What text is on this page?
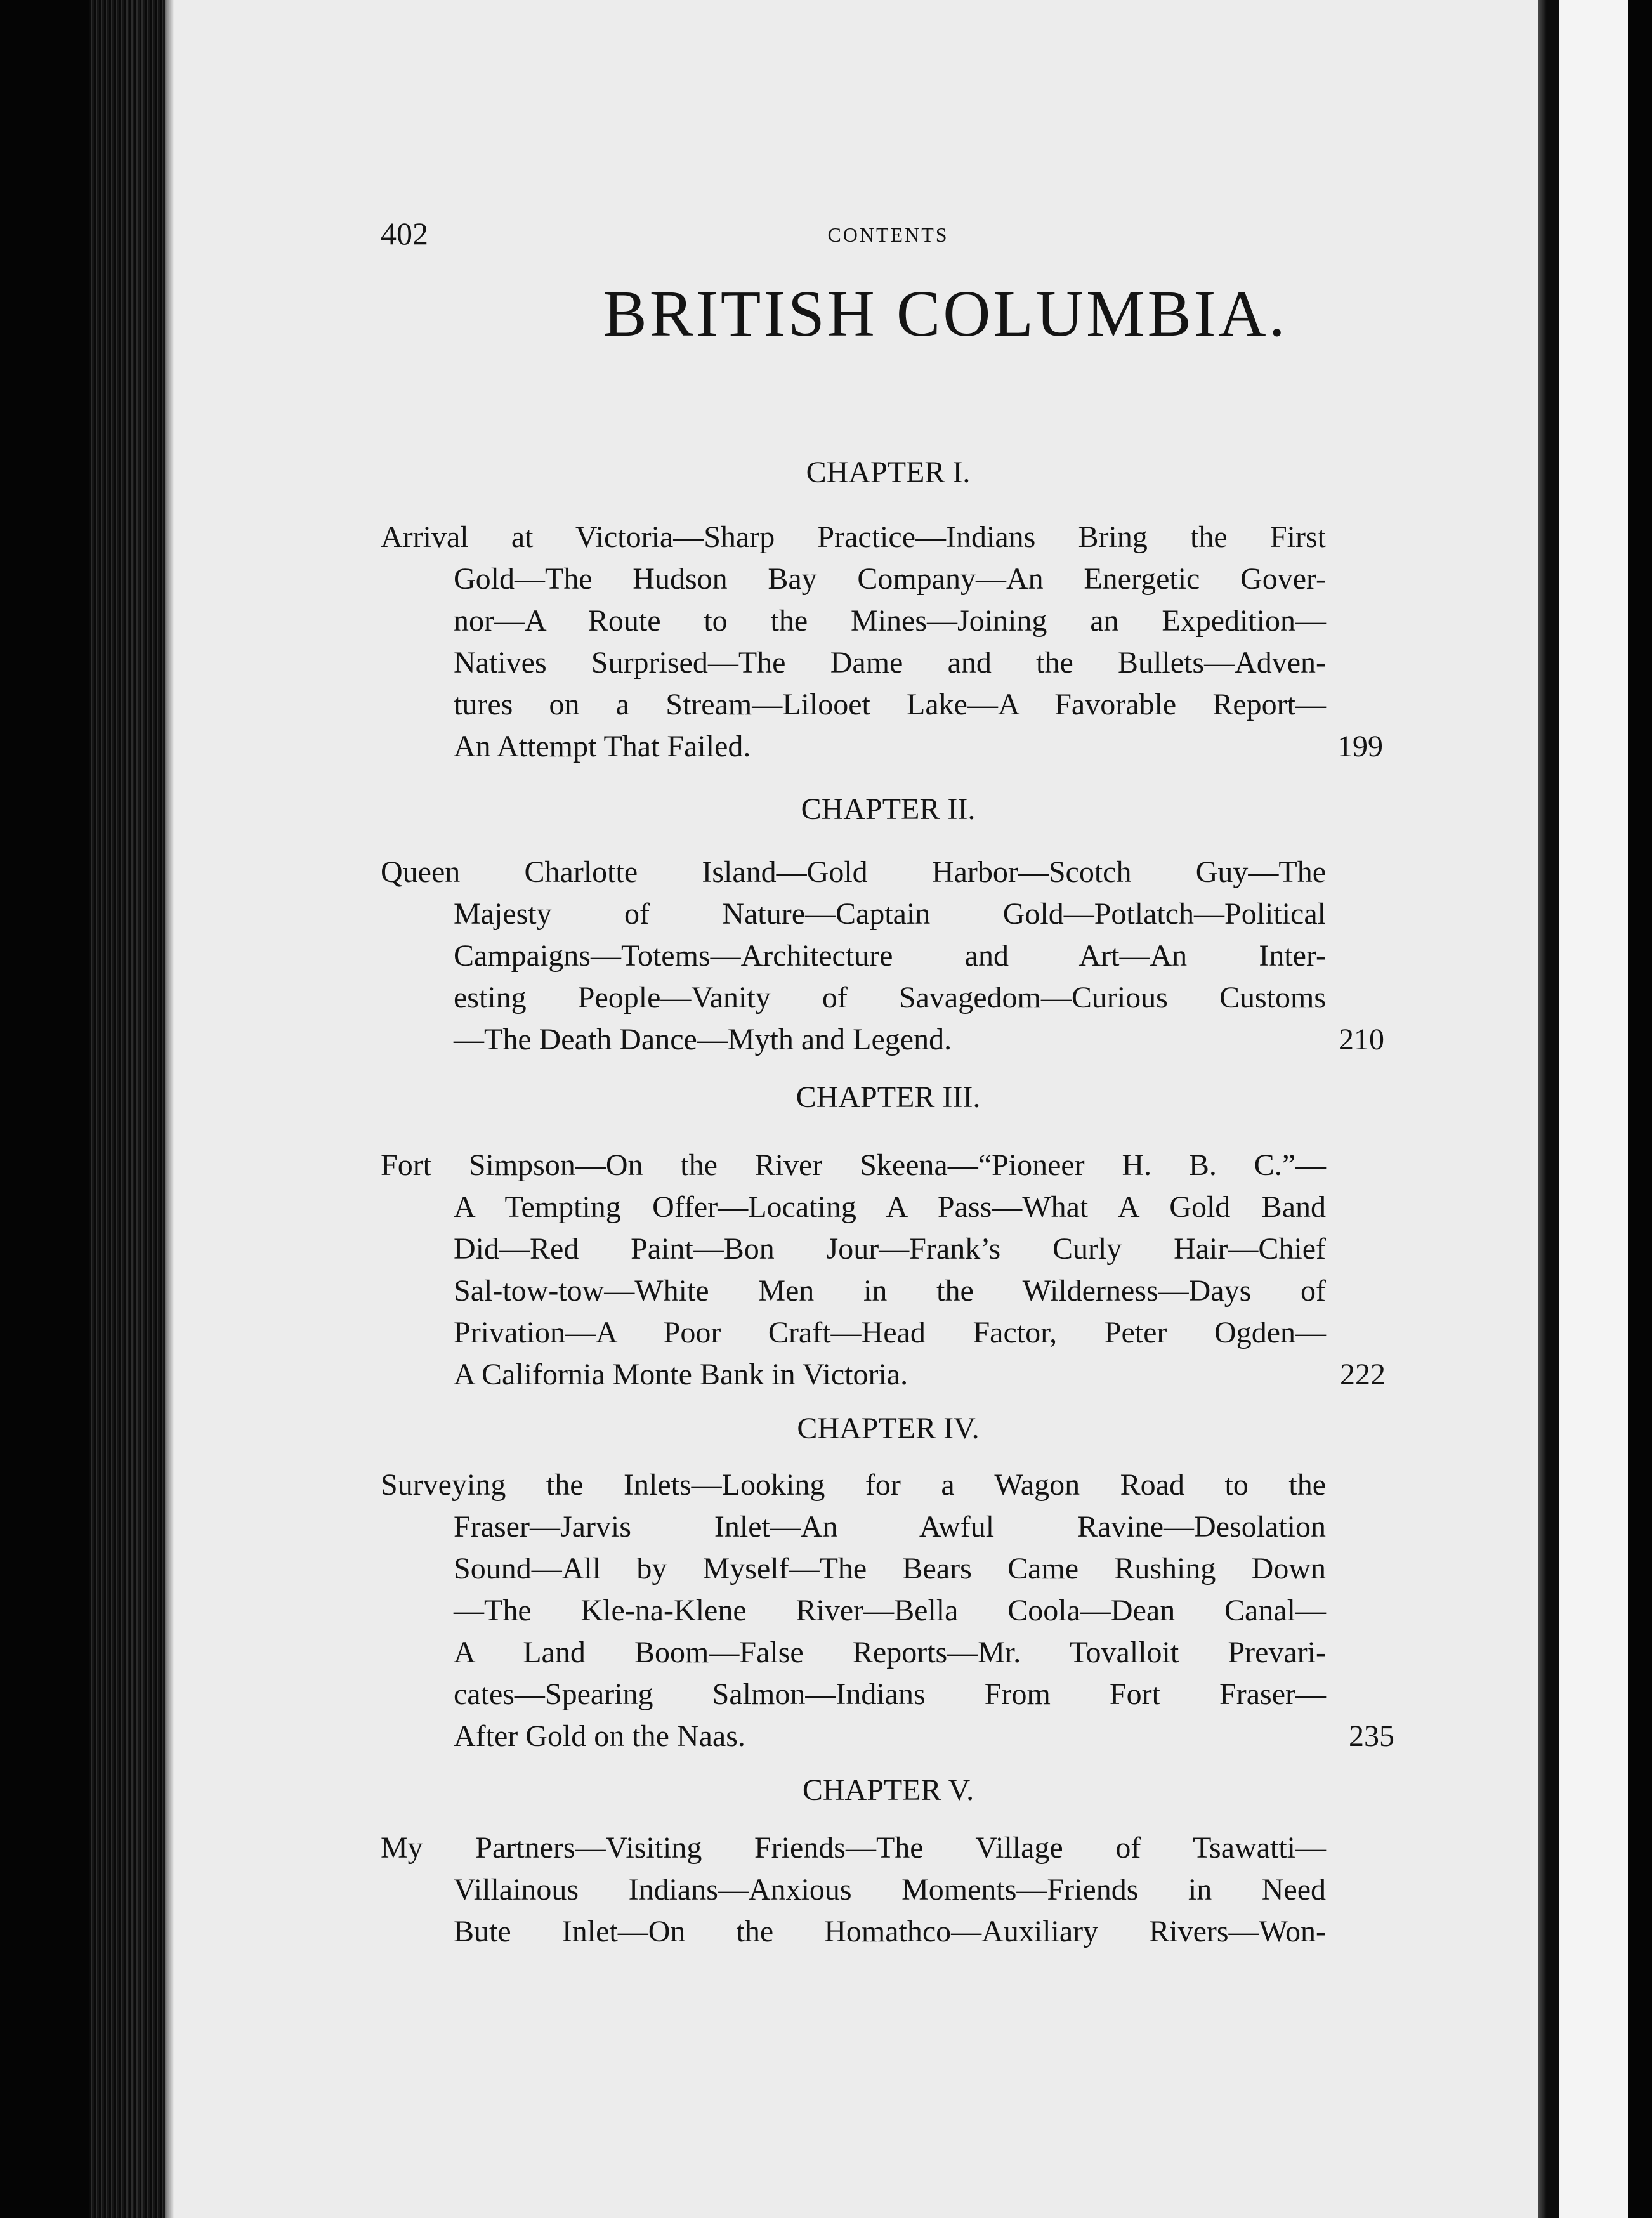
402	CONTENTS
BRITISH COLUMBIA.
CHAPTER I.
Arrival at Victoria—Sharp Practice—Indians Bring the First
Gold—The Hudson Bay Company—An Energetic Gover-
nor—A Route to the Mines—Joining an Expedition—
Natives Surprised—The Dame and the Bullets—Adven-
tures on a Stream—Lilooet Lake—A Favorable Report—
An Attempt That Failed.	199
CHAPTER II.
Queen Charlotte Island—Gold Harbor—Scotch Guy—The
Majesty of Nature—Captain Gold—Potlatch—Political
Campaigns—Totems—Architecture and Art—An Inter-
esting People—Vanity of Savagedom—Curious Customs
—The Death Dance—Myth and Legend.	210
CHAPTER III.
Fort Simpson—On the River Skeena—“Pioneer H. B. C.”—
A Tempting Offer—Locating A Pass—What A Gold Band
Did—Red Paint—Bon Jour—Frank’s Curly Hair—Chief
Sal-tow-tow—White Men in the Wilderness—Days of
Privation—A Poor Craft—Head Factor, Peter Ogden—
A California Monte Bank in Victoria.	222
CHAPTER IV.
Surveying the Inlets—Looking for a Wagon Road to the
Fraser—Jarvis Inlet—An Awful Ravine—Desolation
Sound—All by Myself—The Bears Came Rushing Down
—The Kle-na-Klene River—Bella Coola—Dean Canal—
A Land Boom—False Reports—Mr. Tovalloit Prevari-
cates—Spearing Salmon—Indians From Fort Fraser—
After Gold on the Naas.	235
CHAPTER V.
My Partners—Visiting Friends—The Village of Tsawatti—
Villainous Indians—Anxious Moments—Friends in Need
Bute Inlet—On the Homathco—Auxiliary Rivers—Won-
